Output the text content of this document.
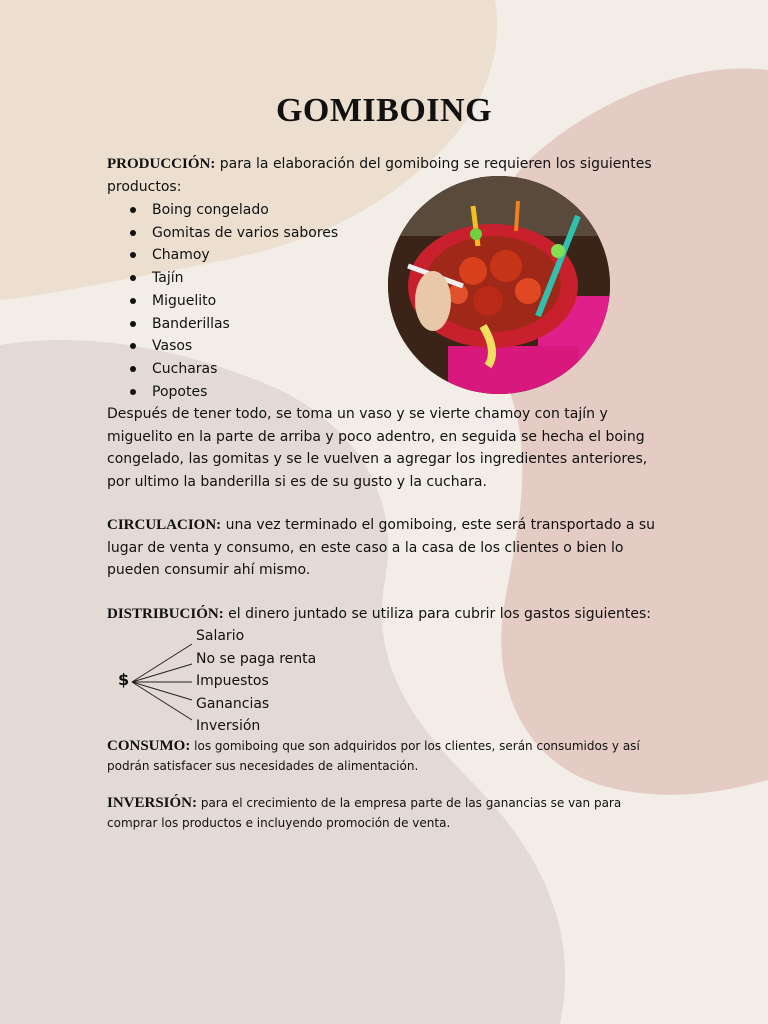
GOMIBOING
PRODUCCIÓN: para la elaboración del gomiboing se requieren los siguientes productos:
Boing congelado
Gomitas de varios sabores
Chamoy
Tajín
Miguelito
Banderillas
Vasos
Cucharas
Popotes
Después de tener todo, se toma un vaso y se vierte chamoy con tajín y miguelito en la parte de arriba y poco adentro, en seguida se hecha el boing congelado, las gomitas y se le vuelven a agregar los ingredientes anteriores, por ultimo la banderilla si es de su gusto y la cuchara.
CIRCULACION: una vez terminado el gomiboing, este será transportado a su lugar de venta y consumo, en este caso a la casa de los clientes o bien lo pueden consumir ahí mismo.
DISTRIBUCIÓN: el dinero juntado se utiliza para cubrir los gastos siguientes:
$
Salario
No se paga renta
Impuestos
Ganancias
Inversión
CONSUMO: los gomiboing que son adquiridos por los clientes, serán consumidos y así podrán satisfacer sus necesidades de alimentación.
INVERSIÓN: para el crecimiento de la empresa parte de las ganancias se van para comprar los productos e incluyendo promoción de venta.
